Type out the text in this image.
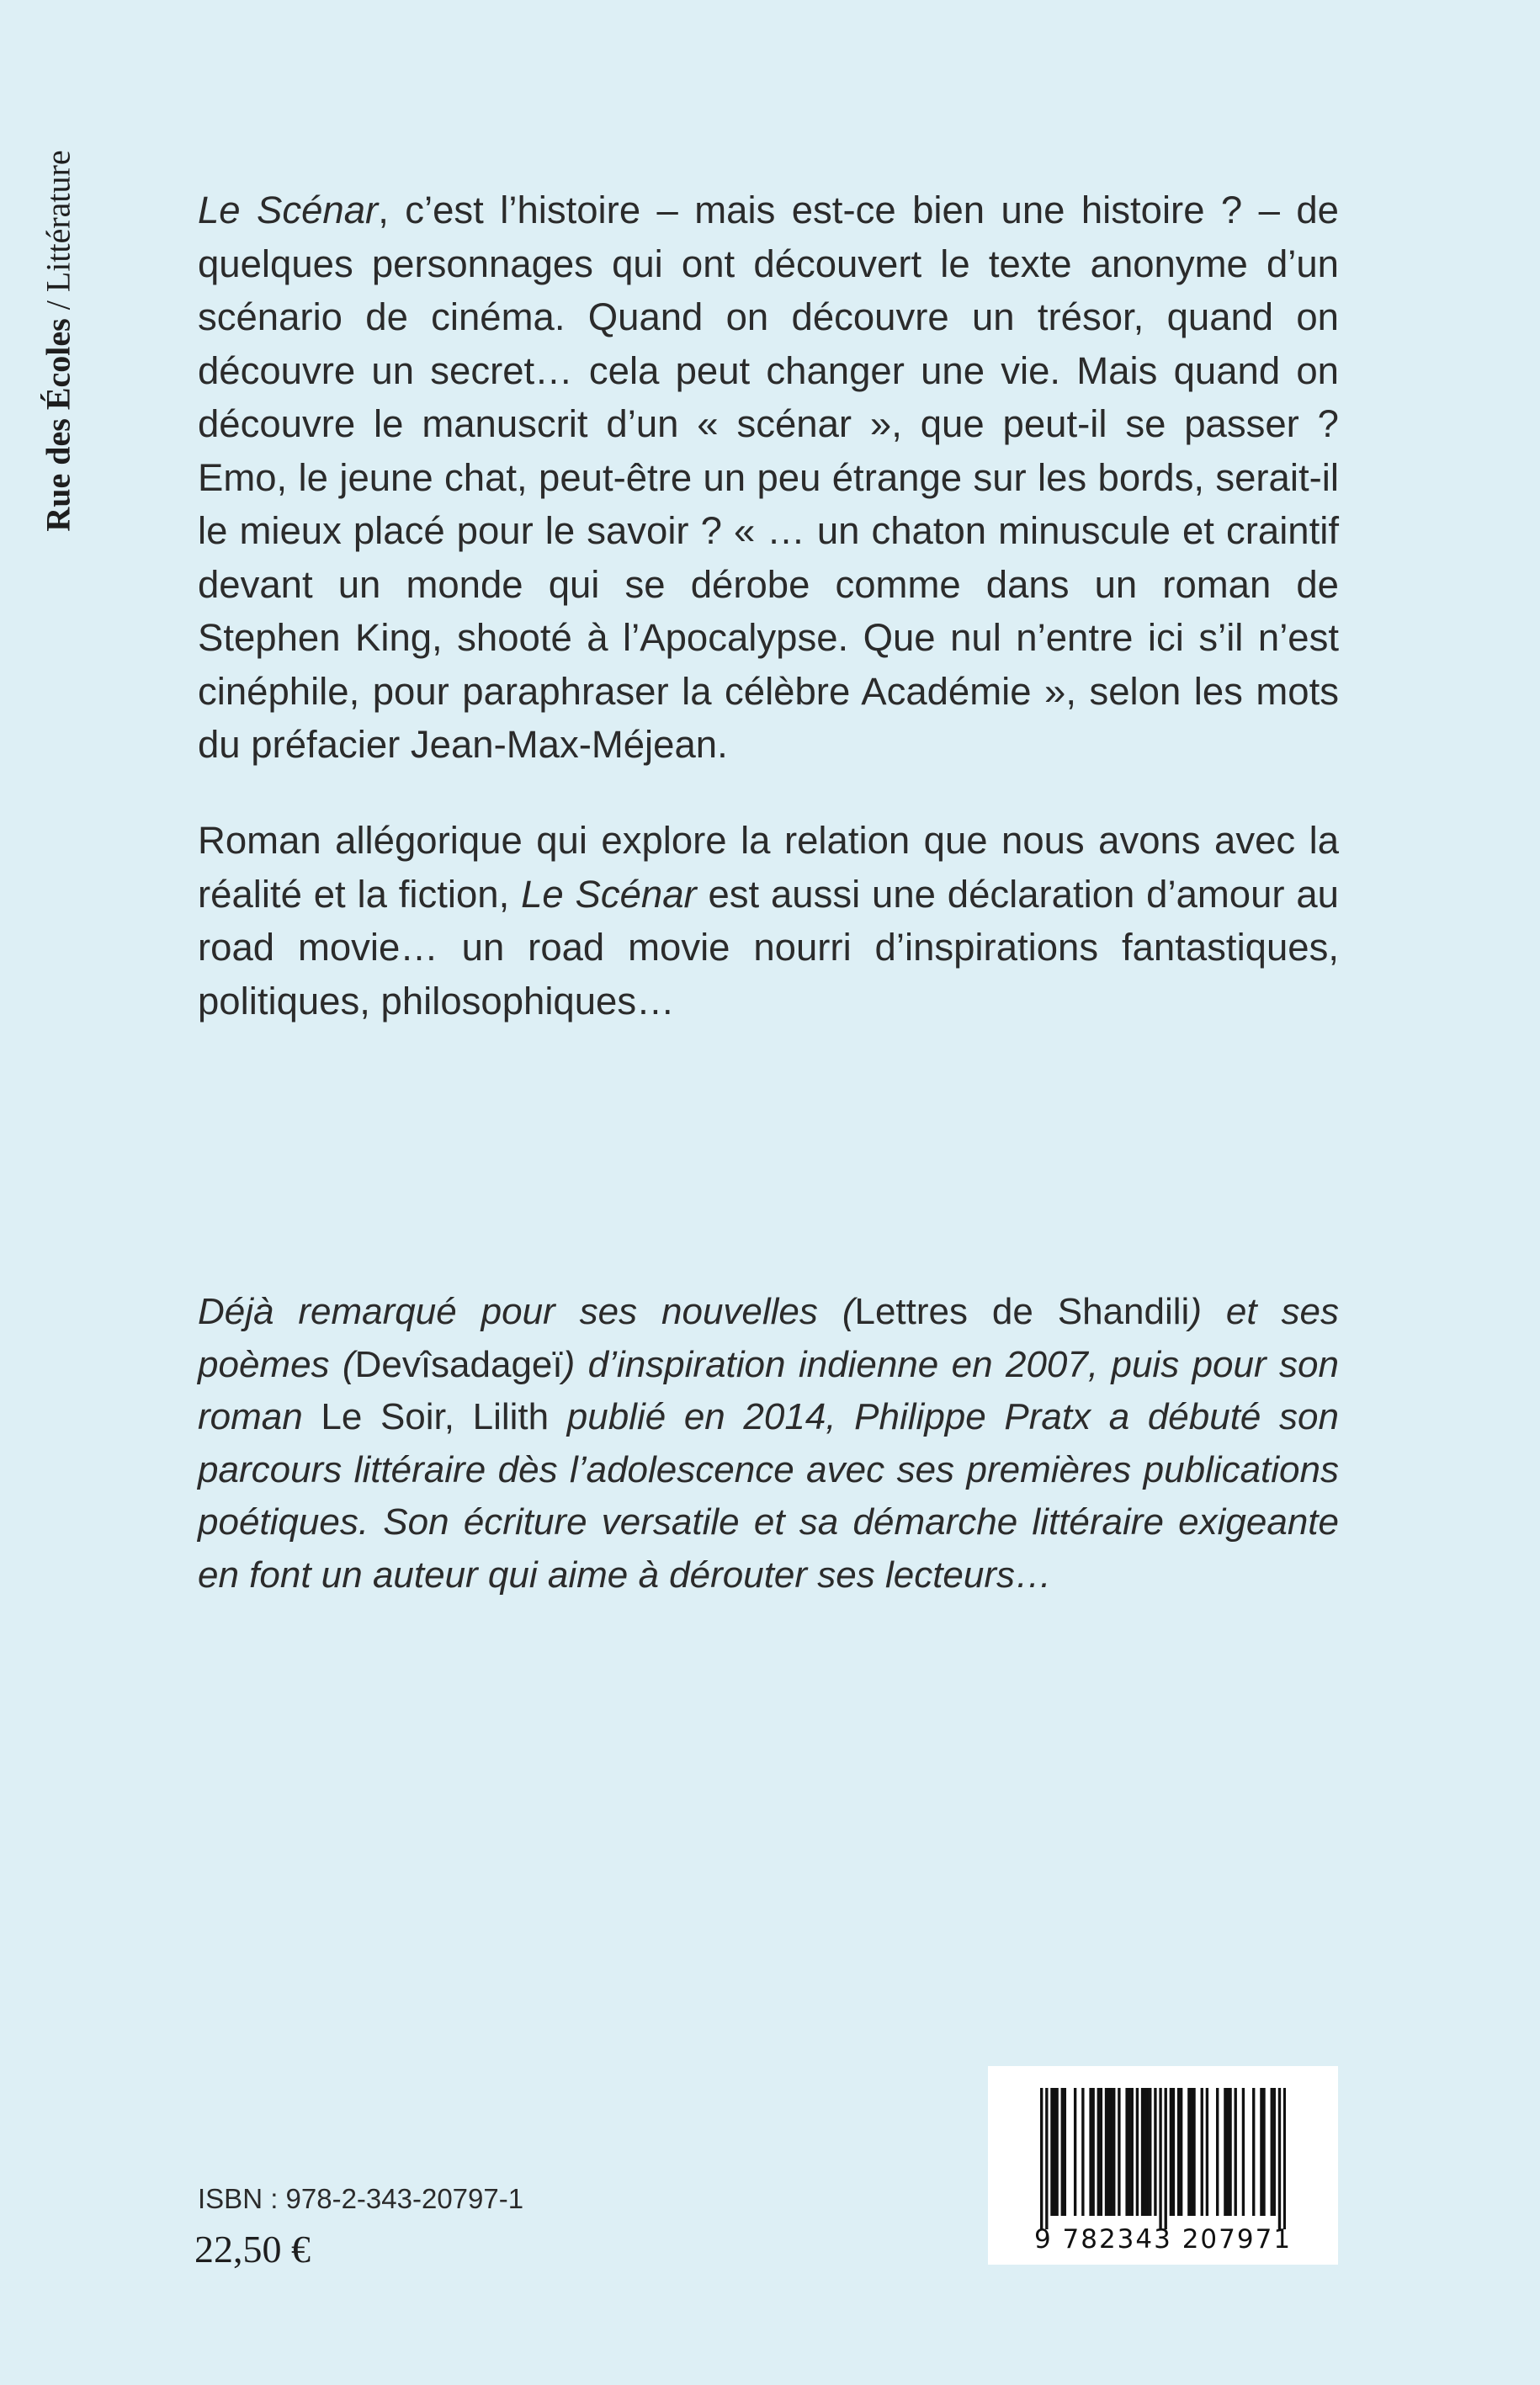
Rue des Écoles / Littérature	Le Scénar, c’est l’histoire – mais est-ce bien une histoire ? – de quelques personnages qui ont découvert le texte anonyme d’un scénario de cinéma. Quand on découvre un trésor, quand on découvre un secret… cela peut changer une vie. Mais quand on découvre le manuscrit d’un « scénar », que peut-il se passer ? Emo, le jeune chat, peut-être un peu étrange sur les bords, serait-il le mieux placé pour le savoir ? « … un chaton minuscule et craintif devant un monde qui se dérobe comme dans un roman de Stephen King, shooté à l’Apocalypse. Que nul n’entre ici s’il n’est cinéphile, pour paraphraser la célèbre Académie », selon les mots du préfacier Jean-Max-Méjean.

Roman allégorique qui explore la relation que nous avons avec la réalité et la fiction, Le Scénar est aussi une déclaration d’amour au road movie… un road movie nourri d’inspirations fantastiques, politiques, philosophiques…

Déjà remarqué pour ses nouvelles (Lettres de Shandili) et ses poèmes (Devîsadageï) d’inspiration indienne en 2007, puis pour son roman Le Soir, Lilith publié en 2014, Philippe Pratx a débuté son parcours littéraire dès l’adolescence avec ses premières publications poétiques. Son écriture versatile et sa démarche littéraire exigeante en font un auteur qui aime à dérouter ses lecteurs…

ISBN : 978-2-343-20797-1
22,50 €	9 782343 207971
